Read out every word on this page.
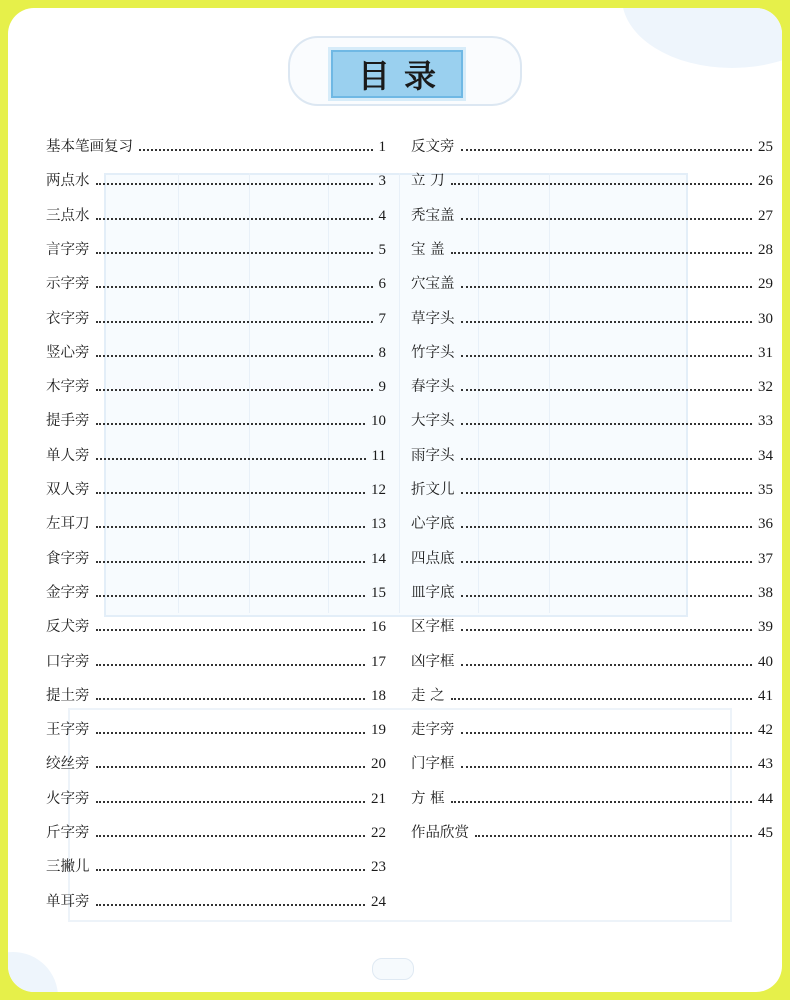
目录
基本笔画复习	1
两点水	3
三点水	4
言字旁	5
示字旁	6
衣字旁	7
竖心旁	8
木字旁	9
提手旁	10
单人旁	11
双人旁	12
左耳刀	13
食字旁	14
金字旁	15
反犬旁	16
口字旁	17
提土旁	18
王字旁	19
绞丝旁	20
火字旁	21
斤字旁	22
三撇儿	23
单耳旁	24
反文旁	25
立 刀	26
秃宝盖	27
宝 盖	28
穴宝盖	29
草字头	30
竹字头	31
春字头	32
大字头	33
雨字头	34
折文儿	35
心字底	36
四点底	37
皿字底	38
区字框	39
凶字框	40
走 之	41
走字旁	42
门字框	43
方 框	44
作品欣赏	45
